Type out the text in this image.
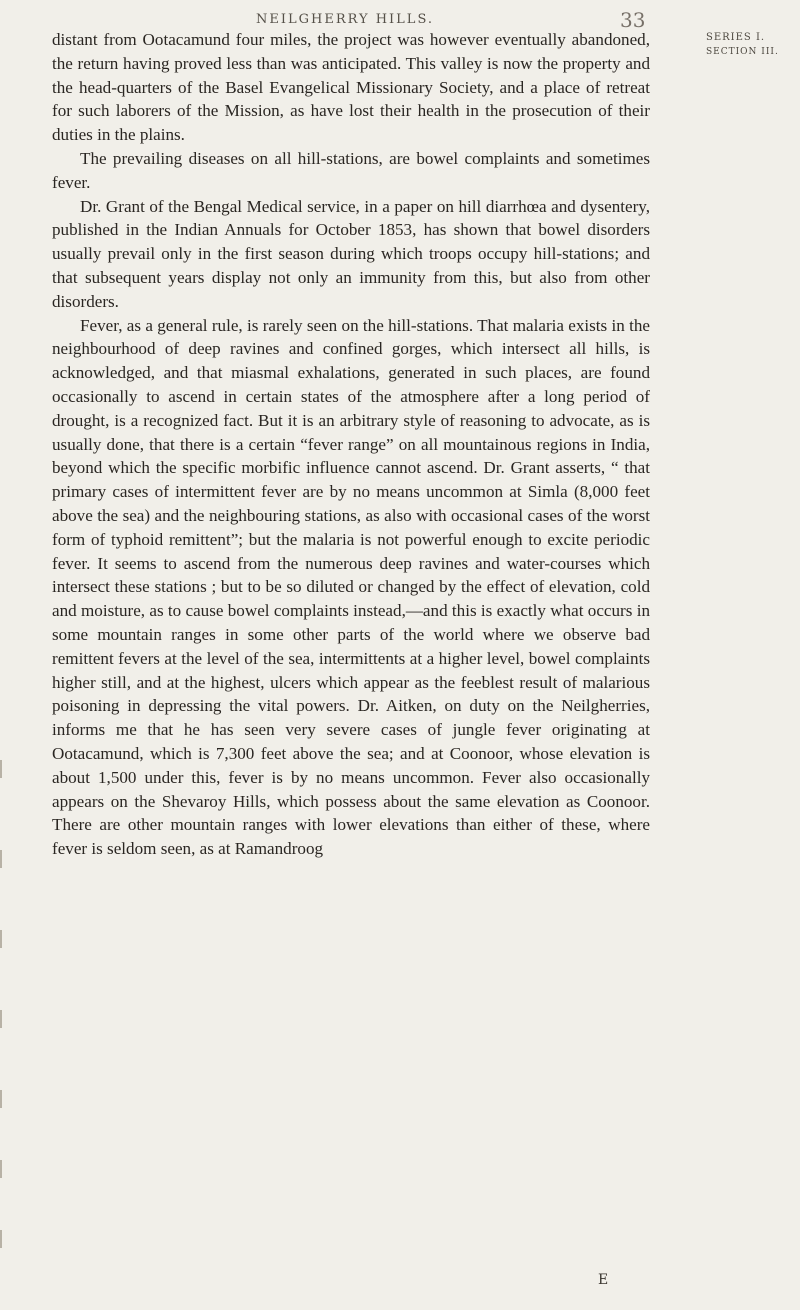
NEILGHERRY HILLS.	33
SERIES I.
SECTION III.

distant from Ootacamund four miles, the project was however eventually abandoned, the return having proved less than was anticipated. This valley is now the property and the head-quarters of the Basel Evangelical Missionary Society, and a place of retreat for such laborers of the Mission, as have lost their health in the prosecution of their duties in the plains.

The prevailing diseases on all hill-stations, are bowel complaints and sometimes fever.

Dr. Grant of the Bengal Medical service, in a paper on hill diarrhœa and dysentery, published in the Indian Annuals for October 1853, has shown that bowel disorders usually prevail only in the first season during which troops occupy hill-stations; and that subsequent years display not only an immunity from this, but also from other disorders.

Fever, as a general rule, is rarely seen on the hill-stations. That malaria exists in the neighbourhood of deep ravines and confined gorges, which intersect all hills, is acknowledged, and that miasmal exhalations, generated in such places, are found occasionally to ascend in certain states of the atmosphere after a long period of drought, is a recognized fact. But it is an arbitrary style of reasoning to advocate, as is usually done, that there is a certain “fever range” on all mountainous regions in India, beyond which the specific morbific influence cannot ascend. Dr. Grant asserts, “ that primary cases of intermittent fever are by no means uncommon at Simla (8,000 feet above the sea) and the neighbouring stations, as also with occasional cases of the worst form of typhoid remittent”; but the malaria is not powerful enough to excite periodic fever. It seems to ascend from the numerous deep ravines and water-courses which intersect these stations ; but to be so diluted or changed by the effect of elevation, cold and moisture, as to cause bowel complaints instead,—and this is exactly what occurs in some mountain ranges in some other parts of the world where we observe bad remittent fevers at the level of the sea, intermittents at a higher level, bowel complaints higher still, and at the highest, ulcers which appear as the feeblest result of malarious poisoning in depressing the vital powers. Dr. Aitken, on duty on the Neilgherries, informs me that he has seen very severe cases of jungle fever originating at Ootacamund, which is 7,300 feet above the sea; and at Coonoor, whose elevation is about 1,500 under this, fever is by no means uncommon. Fever also occasionally appears on the Shevaroy Hills, which possess about the same elevation as Coonoor. There are other mountain ranges with lower elevations than either of these, where fever is seldom seen, as at Ramandroog

E
